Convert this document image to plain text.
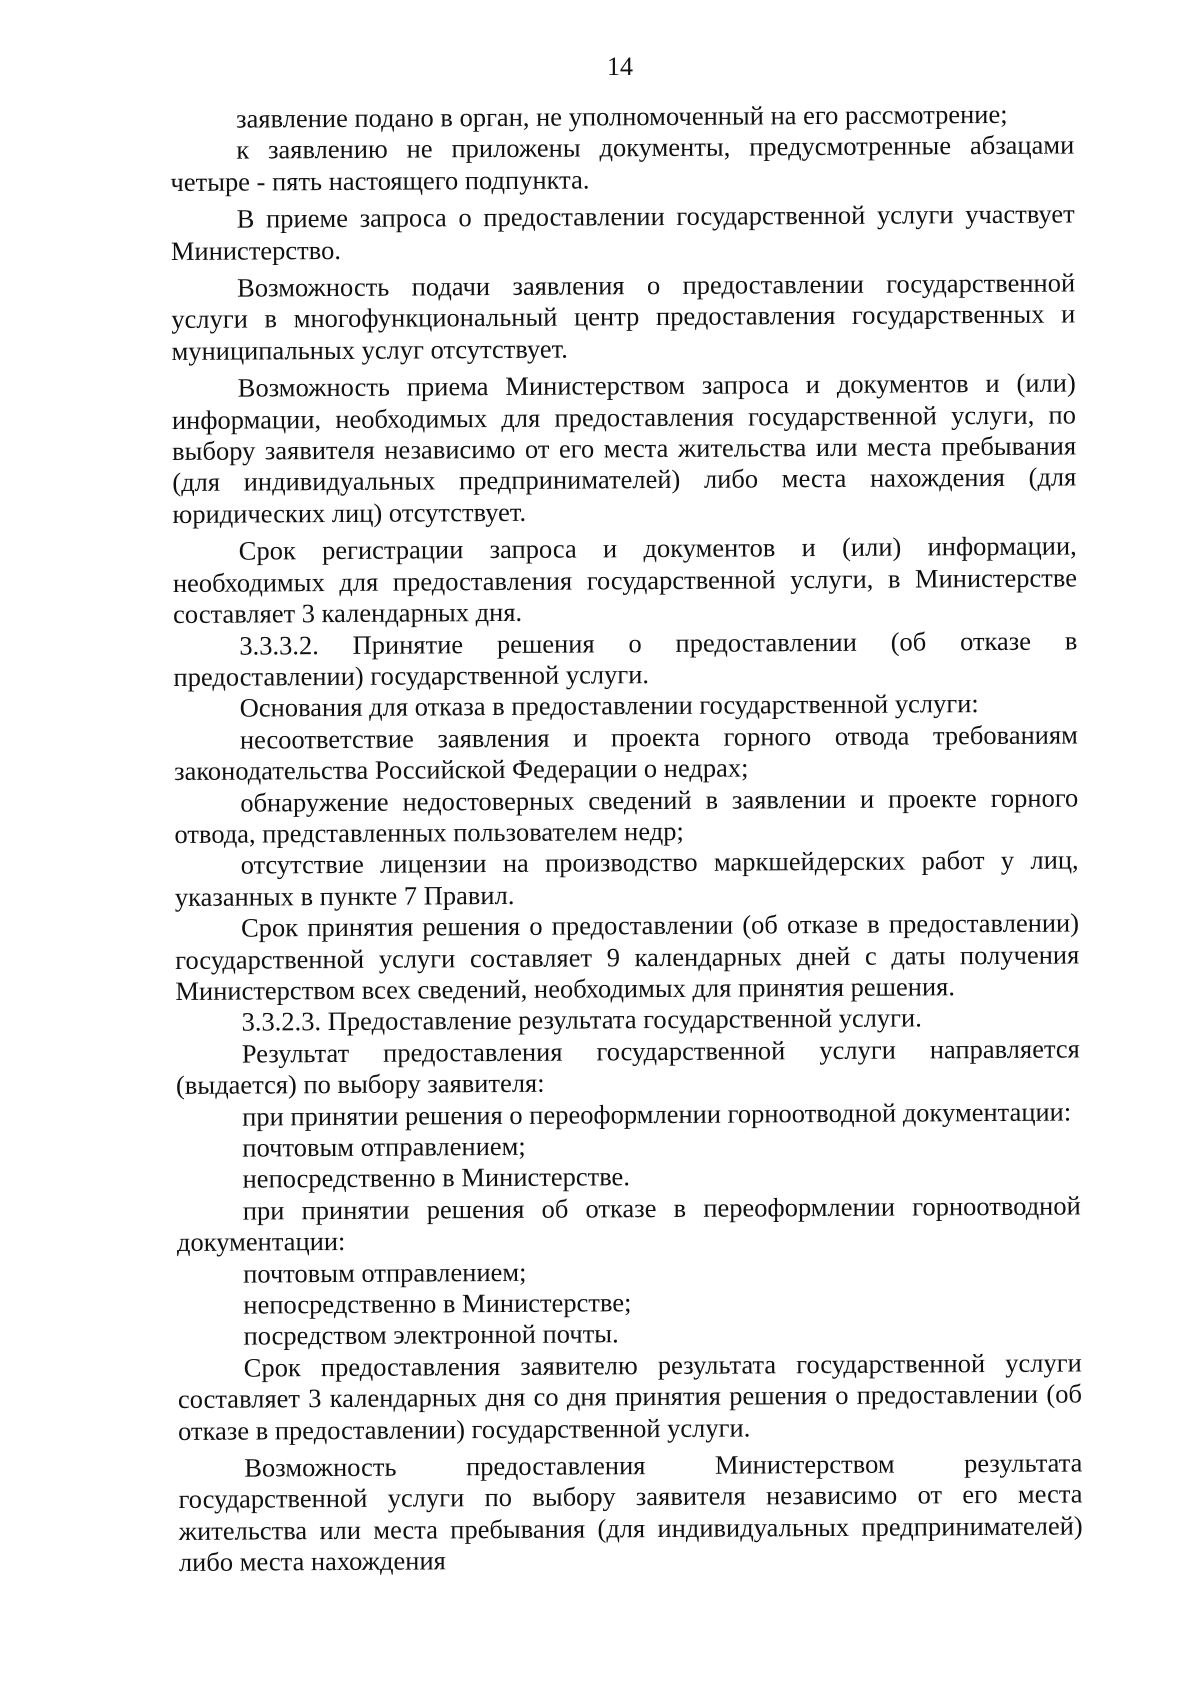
14

заявление подано в орган, не уполномоченный на его рассмотрение;

к заявлению не приложены документы, предусмотренные абзацами четыре - пять настоящего подпункта.

В приеме запроса о предоставлении государственной услуги участвует Министерство.

Возможность подачи заявления о предоставлении государственной услуги в многофункциональный центр предоставления государственных и муниципальных услуг отсутствует.

Возможность приема Министерством запроса и документов и (или) информации, необходимых для предоставления государственной услуги, по выбору заявителя независимо от его места жительства или места пребывания (для индивидуальных предпринимателей) либо места нахождения (для юридических лиц) отсутствует.

Срок регистрации запроса и документов и (или) информации, необходимых для предоставления государственной услуги, в Министерстве составляет 3 календарных дня.

3.3.3.2. Принятие решения о предоставлении (об отказе в предоставлении) государственной услуги.

Основания для отказа в предоставлении государственной услуги:

несоответствие заявления и проекта горного отвода требованиям законодательства Российской Федерации о недрах;

обнаружение недостоверных сведений в заявлении и проекте горного отвода, представленных пользователем недр;

отсутствие лицензии на производство маркшейдерских работ у лиц, указанных в пункте 7 Правил.

Срок принятия решения о предоставлении (об отказе в предоставлении) государственной услуги составляет 9 календарных дней с даты получения Министерством всех сведений, необходимых для принятия решения.

3.3.2.3. Предоставление результата государственной услуги.

Результат предоставления государственной услуги направляется (выдается) по выбору заявителя:

при принятии решения о переоформлении горноотводной документации:

почтовым отправлением;

непосредственно в Министерстве.

при принятии решения об отказе в переоформлении горноотводной документации:

почтовым отправлением;

непосредственно в Министерстве;

посредством электронной почты.

Срок предоставления заявителю результата государственной услуги составляет 3 календарных дня со дня принятия решения о предоставлении (об отказе в предоставлении) государственной услуги.

Возможность предоставления Министерством результата государственной услуги по выбору заявителя независимо от его места жительства или места пребывания (для индивидуальных предпринимателей) либо места нахождения
